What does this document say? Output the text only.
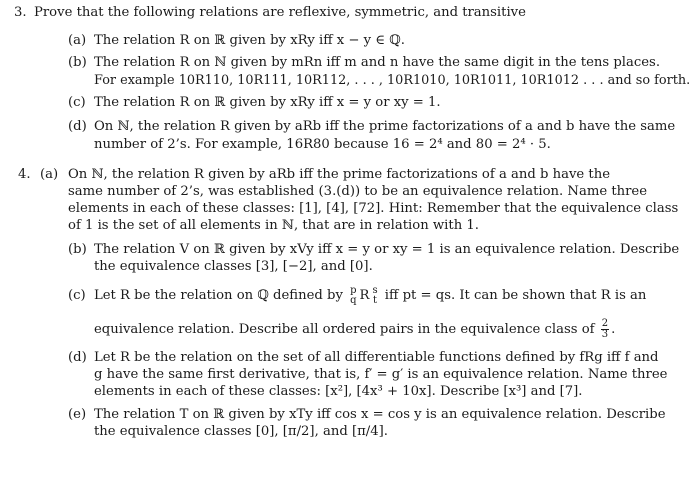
3. Prove that the following relations are reflexive, symmetric, and transitive
(a) The relation R on ℝ given by xRy iff x − y ∈ ℚ.
(b) The relation R on ℕ given by mRn iff m and n have the same digit in the tens places.
For example 10R110, 10R111, 10R112, . . . , 10R1010, 10R1011, 10R1012 . . . and so forth.
(c) The relation R on ℝ given by xRy iff x = y or xy = 1.
(d) On ℕ, the relation R given by aRb iff the prime factorizations of a and b have the same
number of 2’s. For example, 16R80 because 16 = 2⁴ and 80 = 2⁴ · 5.
4. (a) On ℕ, the relation R given by aRb iff the prime factorizations of a and b have the
same number of 2’s, was established (3.(d)) to be an equivalence relation. Name three
elements in each of these classes: [1], [4], [72]. Hint: Remember that the equivalence class
of 1 is the set of all elements in ℕ, that are in relation with 1.
(b) The relation V on ℝ given by xVy iff x = y or xy = 1 is an equivalence relation. Describe
the equivalence classes [3], [−2], and [0].
(c) Let R be the relation on ℚ defined by p
q R s
t iff pt = qs. It can be shown that R is an
equivalence relation. Describe all ordered pairs in the equivalence class of $\frac{2}{3}$ .
(d) Let R be the relation on the set of all differentiable functions defined by fRg iff f and
g have the same first derivative, that is, f′ = g′ is an equivalence relation. Name three
elements in each of these classes: [x²], [4x³ + 10x]. Describe [x³] and [7].
(e) The relation T on ℝ given by xTy iff cos x = cos y is an equivalence relation. Describe
the equivalence classes [0], [π/2], and [π/4].
